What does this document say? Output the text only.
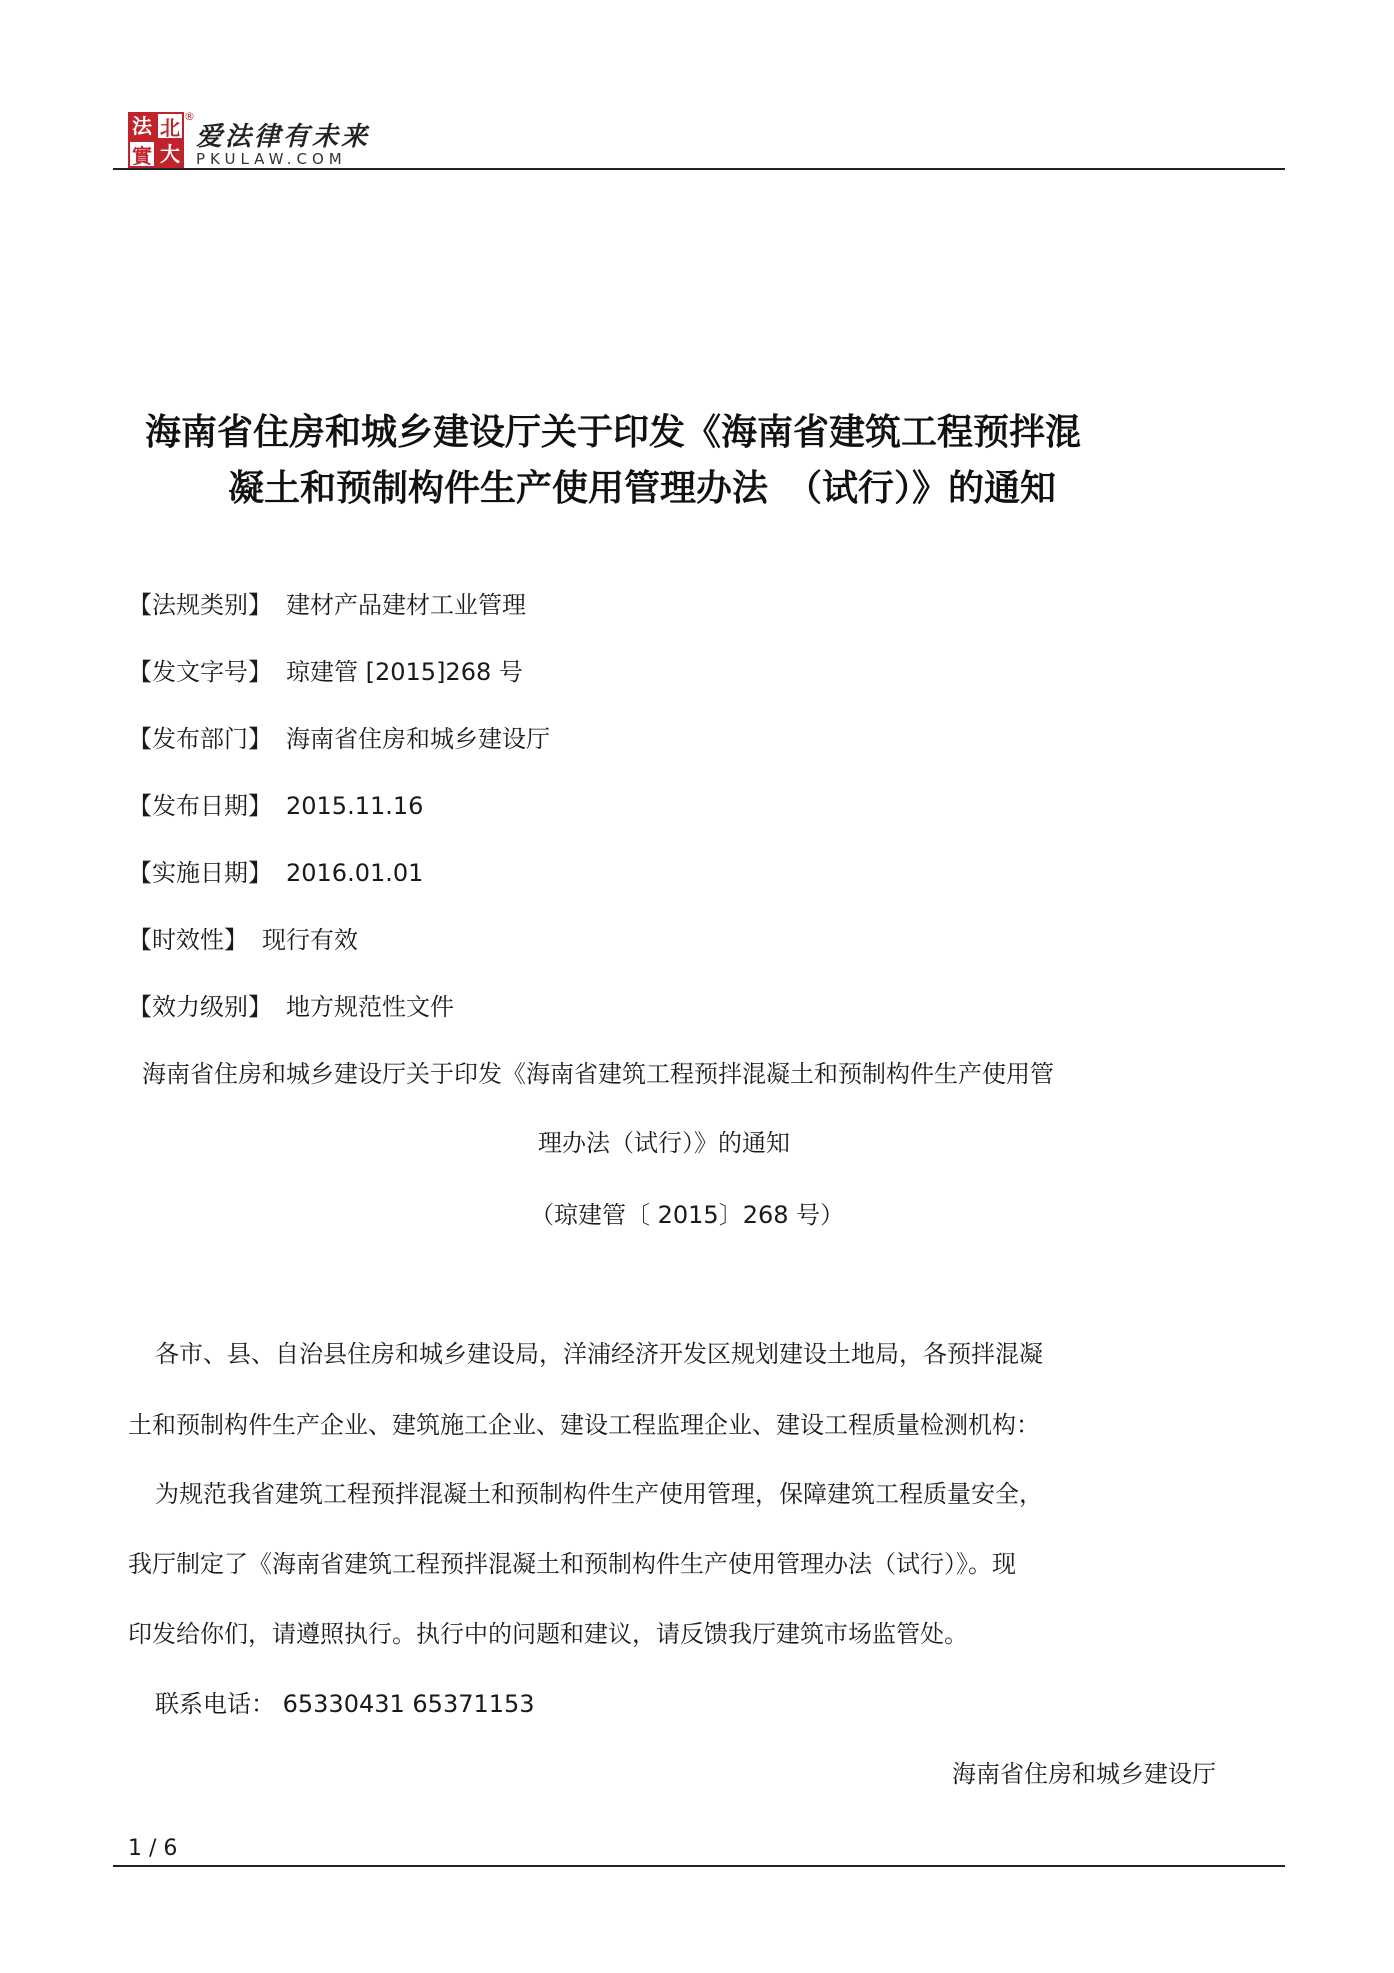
法 北
實 大
®
爱法律有未来
PKULAW.COM
海南省住房和城乡建设厅关于印发《海南省建筑工程预拌混
凝土和预制构件生产使用管理办法　（试行）》的通知
【法规类别】 建材产品建材工业管理
【发文字号】 琼建管 [2015]268 号
【发布部门】 海南省住房和城乡建设厅
【发布日期】 2015.11.16
【实施日期】 2016.01.01
【时效性】 现行有效
【效力级别】 地方规范性文件
海南省住房和城乡建设厅关于印发《海南省建筑工程预拌混凝土和预制构件生产使用管
理办法（试行）》的通知
（琼建管〔 2015〕268 号）
各市、县、自治县住房和城乡建设局，洋浦经济开发区规划建设土地局，各预拌混凝
土和预制构件生产企业、建筑施工企业、建设工程监理企业、建设工程质量检测机构：
为规范我省建筑工程预拌混凝土和预制构件生产使用管理，保障建筑工程质量安全，
我厅制定了《海南省建筑工程预拌混凝土和预制构件生产使用管理办法（试行）》。现
印发给你们，请遵照执行。执行中的问题和建议，请反馈我厅建筑市场监管处。
联系电话： 65330431 65371153
海南省住房和城乡建设厅
1 / 6
